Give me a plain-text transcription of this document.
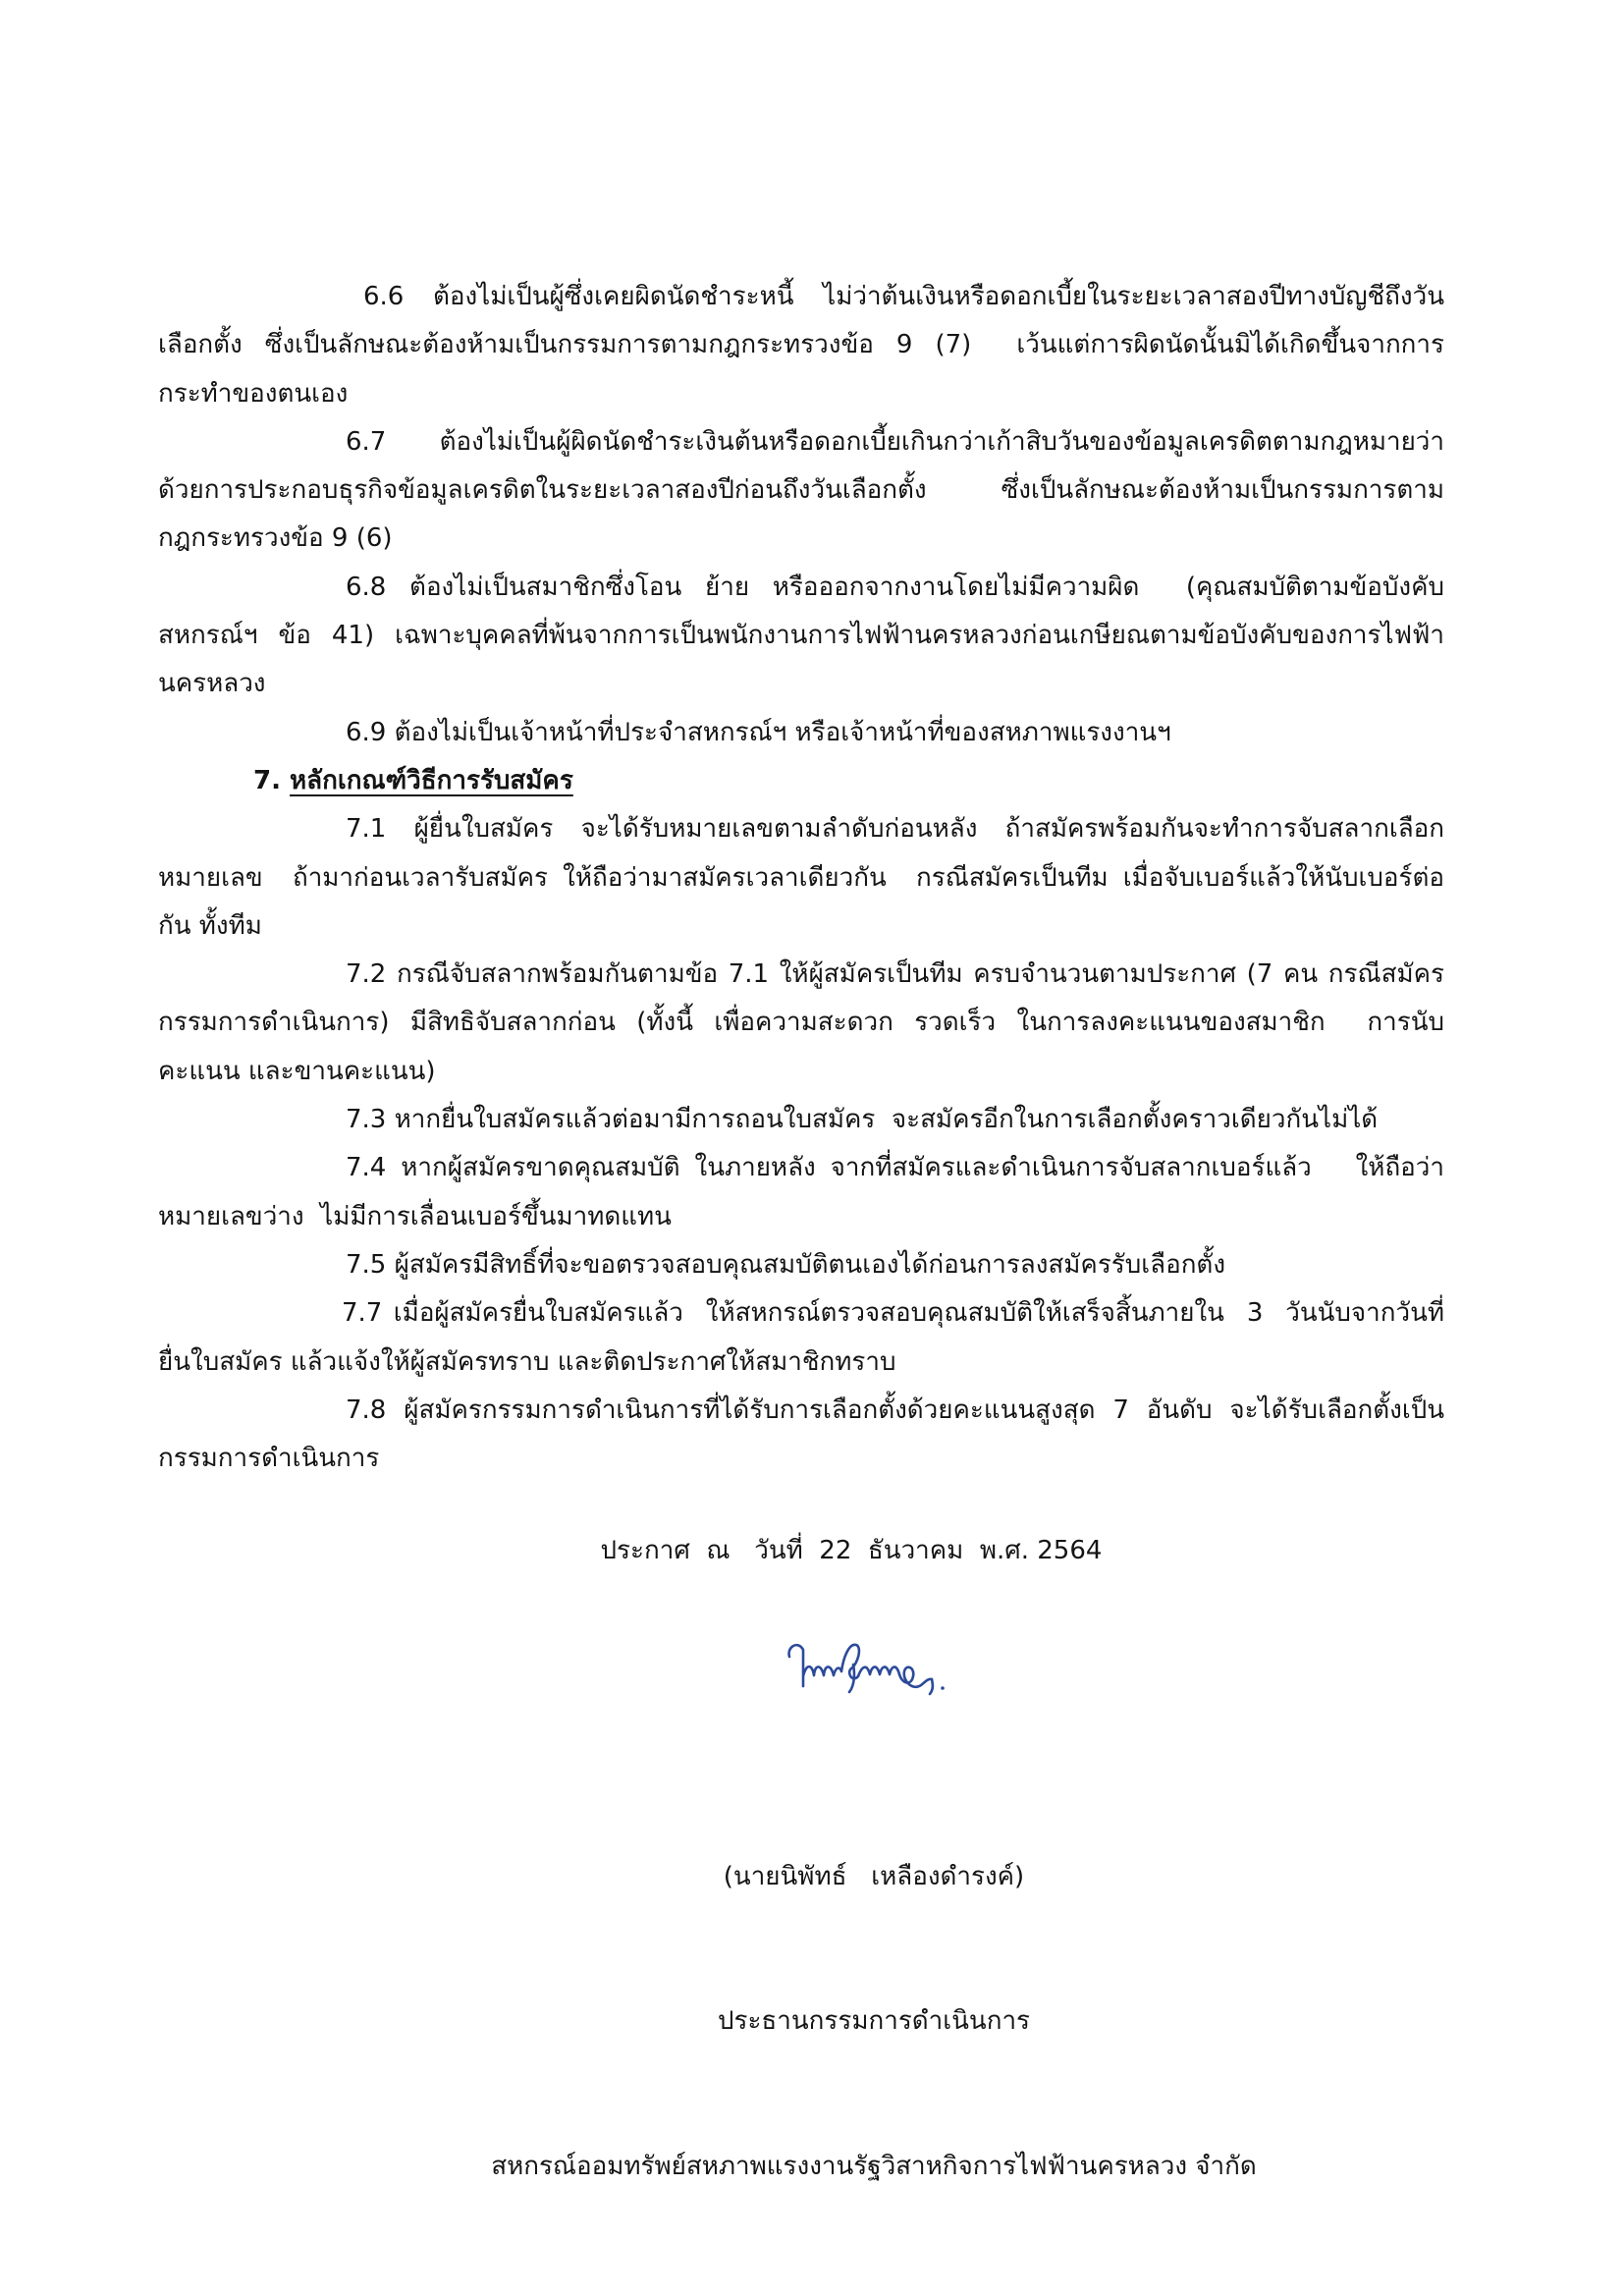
6.6 ต้องไม่เป็นผู้ซึ่งเคยผิดนัดชำระหนี้ ไม่ว่าต้นเงินหรือดอกเบี้ยในระยะเวลาสองปีทางบัญชีถึงวัน
เลือกตั้ง ซึ่งเป็นลักษณะต้องห้ามเป็นกรรมการตามกฎกระทรวงข้อ 9 (7)  เว้นแต่การผิดนัดนั้นมิได้เกิดขึ้นจากการ
กระทำของตนเอง
6.7 ต้องไม่เป็นผู้ผิดนัดชำระเงินต้นหรือดอกเบี้ยเกินกว่าเก้าสิบวันของข้อมูลเครดิตตามกฎหมายว่า
ด้วยการประกอบธุรกิจข้อมูลเครดิตในระยะเวลาสองปีก่อนถึงวันเลือกตั้ง ซึ่งเป็นลักษณะต้องห้ามเป็นกรรมการตาม
กฎกระทรวงข้อ 9 (6)
6.8 ต้องไม่เป็นสมาชิกซึ่งโอน ย้าย หรือออกจากงานโดยไม่มีความผิด  (คุณสมบัติตามข้อบังคับ
สหกรณ์ฯ ข้อ 41) เฉพาะบุคคลที่พ้นจากการเป็นพนักงานการไฟฟ้านครหลวงก่อนเกษียณตามข้อบังคับของการไฟฟ้า
นครหลวง
6.9 ต้องไม่เป็นเจ้าหน้าที่ประจำสหกรณ์ฯ หรือเจ้าหน้าที่ของสหภาพแรงงานฯ
7. หลักเกณฑ์วิธีการรับสมัคร
7.1 ผู้ยื่นใบสมัคร จะได้รับหมายเลขตามลำดับก่อนหลัง ถ้าสมัครพร้อมกันจะทำการจับสลากเลือก
หมายเลข  ถ้ามาก่อนเวลารับสมัคร ให้ถือว่ามาสมัครเวลาเดียวกัน  กรณีสมัครเป็นทีม เมื่อจับเบอร์แล้วให้นับเบอร์ต่อ
กัน ทั้งทีม
7.2 กรณีจับสลากพร้อมกันตามข้อ 7.1 ให้ผู้สมัครเป็นทีม ครบจำนวนตามประกาศ (7 คน กรณีสมัคร
กรรมการดำเนินการ) มีสิทธิจับสลากก่อน (ทั้งนี้ เพื่อความสะดวก รวดเร็ว ในการลงคะแนนของสมาชิก  การนับ
คะแนน และขานคะแนน)
7.3 หากยื่นใบสมัครแล้วต่อมามีการถอนใบสมัคร  จะสมัครอีกในการเลือกตั้งคราวเดียวกันไม่ได้
7.4 หากผู้สมัครขาดคุณสมบัติ ในภายหลัง จากที่สมัครและดำเนินการจับสลากเบอร์แล้ว   ให้ถือว่า
หมายเลขว่าง  ไม่มีการเลื่อนเบอร์ขึ้นมาทดแทน
7.5 ผู้สมัครมีสิทธิ์ที่จะขอตรวจสอบคุณสมบัติตนเองได้ก่อนการลงสมัครรับเลือกตั้ง
7.7 เมื่อผู้สมัครยื่นใบสมัครแล้ว  ให้สหกรณ์ตรวจสอบคุณสมบัติให้เสร็จสิ้นภายใน  3  วันนับจากวันที่
ยื่นใบสมัคร แล้วแจ้งให้ผู้สมัครทราบ และติดประกาศให้สมาชิกทราบ
7.8 ผู้สมัครกรรมการดำเนินการที่ได้รับการเลือกตั้งด้วยคะแนนสูงสุด 7 อันดับ จะได้รับเลือกตั้งเป็น
กรรมการดำเนินการ
ประกาศ  ณ   วันที่  22  ธันวาคม  พ.ศ. 2564

(นายนิพัทธ์   เหลืองดำรงค์)

ประธานกรรมการดำเนินการ

สหกรณ์ออมทรัพย์สหภาพแรงงานรัฐวิสาหกิจการไฟฟ้านครหลวง จำกัด
